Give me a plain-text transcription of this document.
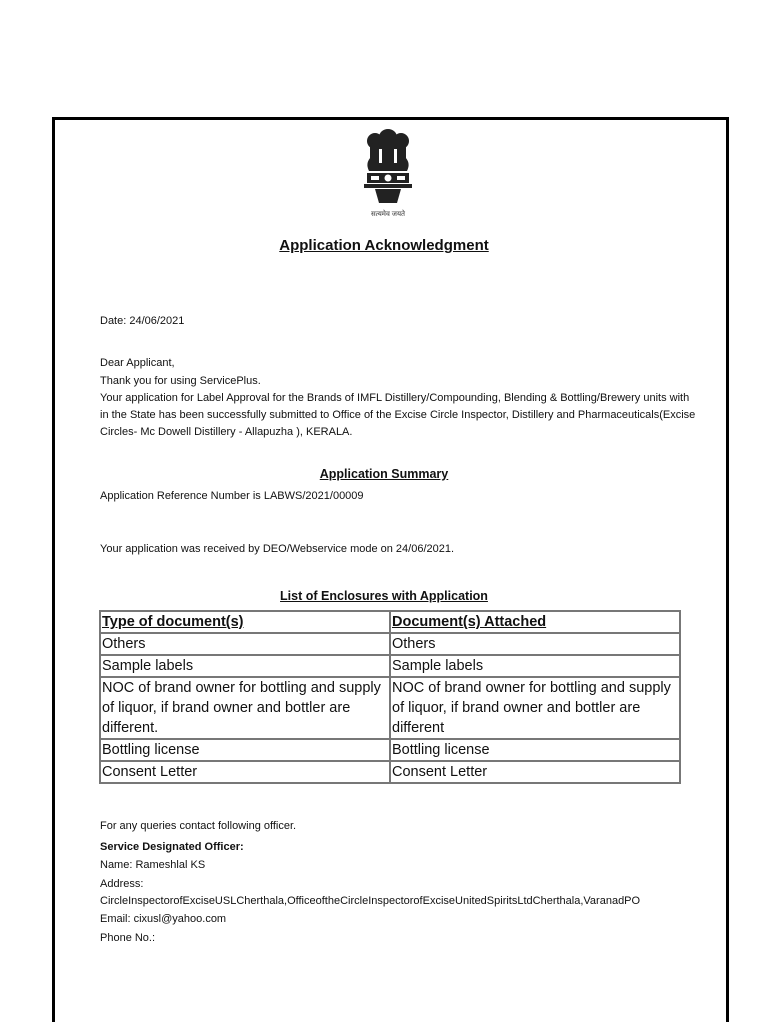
सत्यमेव जयते
Application Acknowledgment
Date: 24/06/2021
Dear Applicant,
Thank you for using ServicePlus.
Your application for Label Approval for the Brands of IMFL Distillery/Compounding, Blending & Bottling/Brewery units with in the State has been successfully submitted to Office of the Excise Circle Inspector, Distillery and Pharmaceuticals(Excise Circles- Mc Dowell Distillery - Allapuzha ), KERALA.
Application Summary
Application Reference Number is LABWS/2021/00009
Your application was received by DEO/Webservice mode on 24/06/2021.
List of Enclosures with Application
Type of document(s)	Document(s) Attached
Others	Others
Sample labels	Sample labels
NOC of brand owner for bottling and supply of liquor, if brand owner and bottler are different.	NOC of brand owner for bottling and supply of liquor, if brand owner and bottler are different
Bottling license	Bottling license
Consent Letter	Consent Letter
For any queries contact following officer.
Service Designated Officer:
Name: Rameshlal KS
Address:
CircleInspectorofExciseUSLCherthala,OfficeoftheCircleInspectorofExciseUnitedSpiritsLtdCherthala,VaranadPO
Email: cixusl@yahoo.com
Phone No.:
